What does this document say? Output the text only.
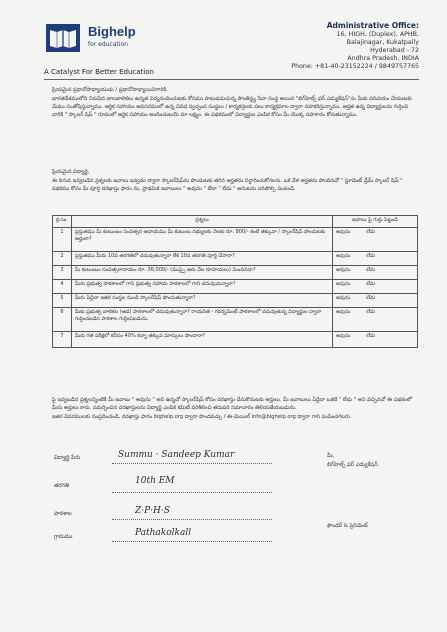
Bighelp
for education
A Catalyst For Better Education
Administrative Office:
16, HIGH, (Duplex), APHB,
Balajinagar, Kukatpally
Hyderabad - 72
Andhra Pradesh, INDIA
Phone: +81-40-23152224 / 9849757765

ప్రియమైన ప్రధానోపాధ్యాయుడు / ప్రధానోపాధ్యాయినిగారికి,

భారతదేశములోని నిరుపేద బాలబాలికలు ఉన్నత విద్యనందించుటకు కోసము పాటుపడుచున్న సొంతిస్థ్య సేవా సంస్థ అయిన "బిగ్‌హెల్ప్ ఫర్ ఎడ్యుకేషన్"ను మీకు పరిచయం చేయుటకు మేము సంతోషిస్తున్నాము. ఆర్థిక సహాయం అవసరములో ఉన్న వివిధ స్వచ్ఛంద సంస్థలు / కార్యకర్తలకు పలు కార్యక్రమాల ద్వారా సహకరిస్తున్నాము. అర్హత ఉన్న విద్యార్థులను గుర్తించి వారికి " స్కాలర్ షిప్ " రూపంలో ఆర్థిక సహాయం అందించుటయే మా లక్ష్యం. ఈ పథకములో విద్యార్థుల ఎంపిక కోసం మీ యొక్క సహకారం కోరుతున్నాము.

ప్రియమైన విద్యార్థి,

ఈ దిగువ ఇవ్వబడిన ప్రశ్నలకు జవాబు ఇవ్వడం ద్వారా స్కాలర్‌షిప్‌ను పొందుటకు తగిన అర్హతను నిర్ధారించుకోగలరు. ఒక వేళ అర్హతను పొందినచో " స్టూడెంట్ డ్రీమ్ స్కాలర్ షిప్ " పథకము కోసం మీ పూర్తి దరఖాస్తు ఫారం ను, ప్రాథమిక జవాబులు " అవును " లేదా " లేదు " అనుటను సరిపోల్చి పంపండి.

క్ర.సం.	ప్రశ్నలు	జవాబు పై గుర్తు పెట్టండి
1	ప్రస్తుతము మీ కుటుంబం సంవత్సర ఆదాయము మీ కుటుంబ సభ్యులకు నెలకు రూ. 800/- కంటే తక్కువా / స్కాలర్‌షిప్ పొందుటకు అర్హులా?	అవును లేదు
2	ప్రస్తుతము మీరు 10వ తరగతిలో చదువుతున్నారా లేక 10వ తరగతి పూర్తి చేసారా?	అవును లేదు
3	మీ కుటుంబం సంవత్సరాదాయం రూ. 36,000/- (ముప్పై ఆరు వేల రూపాయలు) మించినదా?	అవును లేదు
4	మీరు ప్రభుత్వ పాఠశాలలో గాని ప్రభుత్వ సహాయ పాఠశాలలో గాని చదువుచున్నారా?	అవును లేదు
5	మీరు ఏదైనా ఇతర సంస్థల నుండి స్కాలర్‌షిప్ పొందుతున్నారా?	అవును లేదు
6	మీకు ప్రభుత్వ బాలికల (ఆడ) పాఠశాలలో చదువుతున్నారా? రాయనిత - గవర్నమెంట్ పాఠశాలలో చదువుతున్న విద్యార్థుల ద్వారా గుర్తించబడిన పాఠశాల గుర్తింపబడును.	అవును లేదు
7	మీరు గత పరీక్షలో కనీసం 40% కన్నా తక్కువ మార్కులు పొందారా?	అవును లేదు

పై ఇవ్వబడిన ప్రశ్నలన్నింటికి మీ జవాబు " అవును " అని ఉన్నచో స్కాలర్‌షిప్‌ కోసం దరఖాస్తు చేసుకొనుటకు అర్హులు. మీ జవాబులు ఏదైనా ఒకటి " లేదు " అని వచ్చినచో ఈ పథకంలో మీరు అర్హులు కారు. సమర్పించిన దరఖాస్తులను విద్యార్థి ఎంపిక కమిటీ పరిశీలించి తదుపరి సమాచారం తెలియజేయబడును.

ఇతర వివరములకు సంప్రదించండి, దరఖాస్తు ఫారం bighelp.org ద్వారా పొందవచ్చు / ఈ-మెయిల్ info@bighelp.org ద్వారా గాని పంపించగలరు.

విద్యార్థి పేరు	Summu · Sandeep Kumar
తరగతి	10th EM
పాఠశాల	Z·P·H·S
గ్రామము	Pathakolkall
మీ,
బిగ్‌హెల్ప్ ఫర్ ఎడ్యుకేషన్
ఫౌండర్ & ప్రెసిడెంట్
